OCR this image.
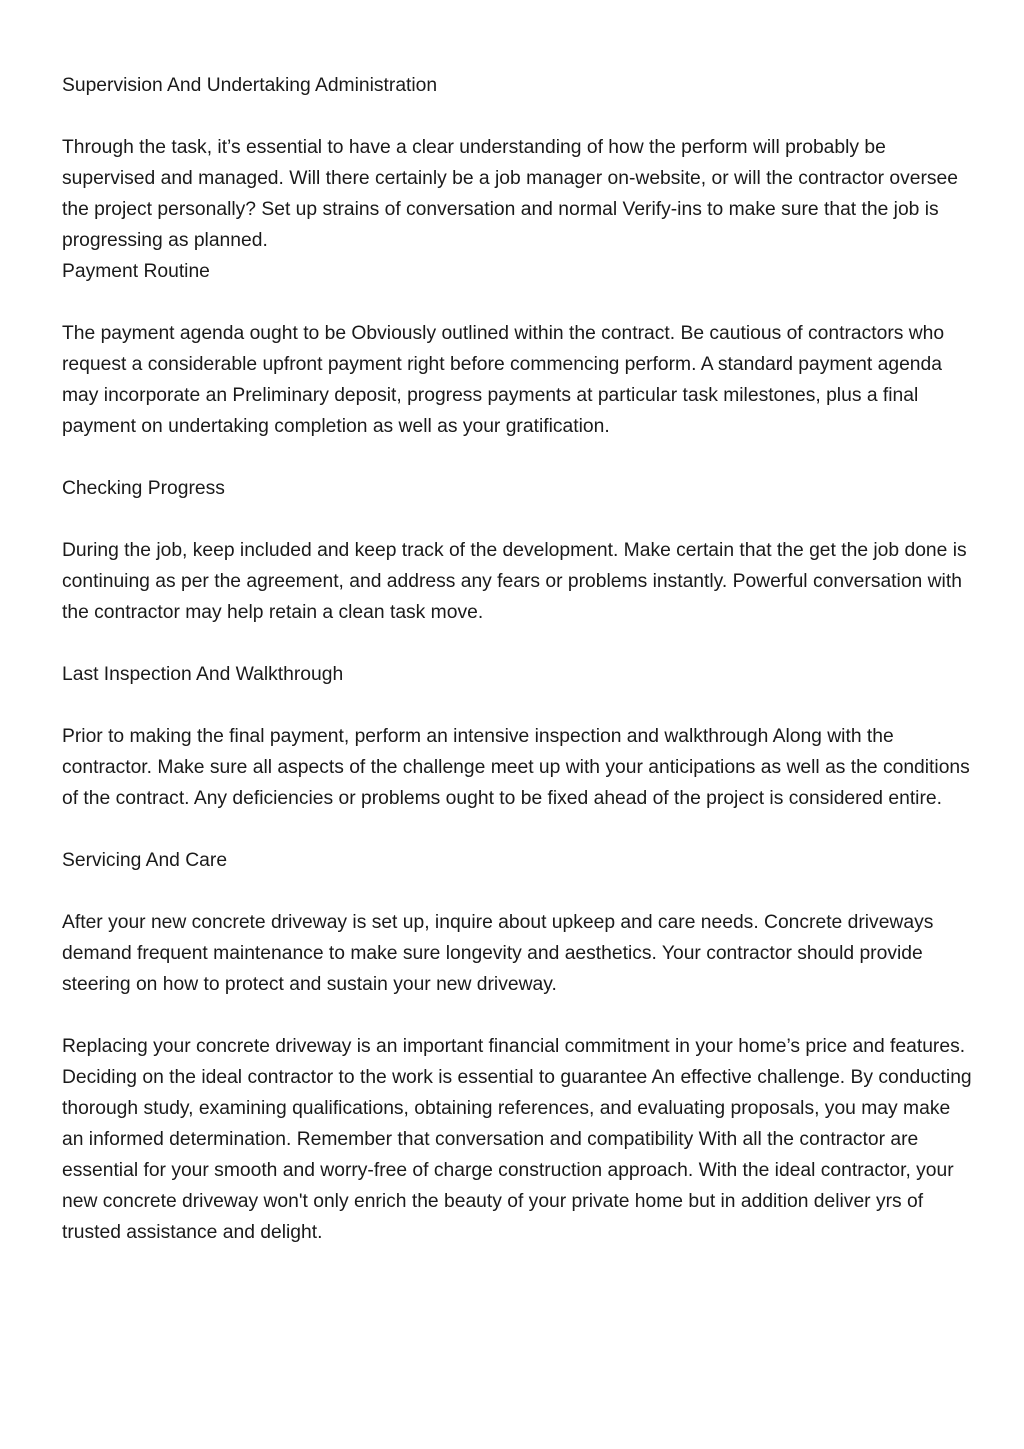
Supervision And Undertaking Administration

Through the task, it’s essential to have a clear understanding of how the perform will probably be supervised and managed. Will there certainly be a job manager on-website, or will the contractor oversee the project personally? Set up strains of conversation and normal Verify-ins to make sure that the job is progressing as planned.

Payment Routine

The payment agenda ought to be Obviously outlined within the contract. Be cautious of contractors who request a considerable upfront payment right before commencing perform. A standard payment agenda may incorporate an Preliminary deposit, progress payments at particular task milestones, plus a final payment on undertaking completion as well as your gratification.

Checking Progress

During the job, keep included and keep track of the development. Make certain that the get the job done is continuing as per the agreement, and address any fears or problems instantly. Powerful conversation with the contractor may help retain a clean task move.

Last Inspection And Walkthrough

Prior to making the final payment, perform an intensive inspection and walkthrough Along with the contractor. Make sure all aspects of the challenge meet up with your anticipations as well as the conditions of the contract. Any deficiencies or problems ought to be fixed ahead of the project is considered entire.

Servicing And Care

After your new concrete driveway is set up, inquire about upkeep and care needs. Concrete driveways demand frequent maintenance to make sure longevity and aesthetics. Your contractor should provide steering on how to protect and sustain your new driveway.

Replacing your concrete driveway is an important financial commitment in your home’s price and features. Deciding on the ideal contractor to the work is essential to guarantee An effective challenge. By conducting thorough study, examining qualifications, obtaining references, and evaluating proposals, you may make an informed determination. Remember that conversation and compatibility With all the contractor are essential for your smooth and worry-free of charge construction approach. With the ideal contractor, your new concrete driveway won't only enrich the beauty of your private home but in addition deliver yrs of trusted assistance and delight.
